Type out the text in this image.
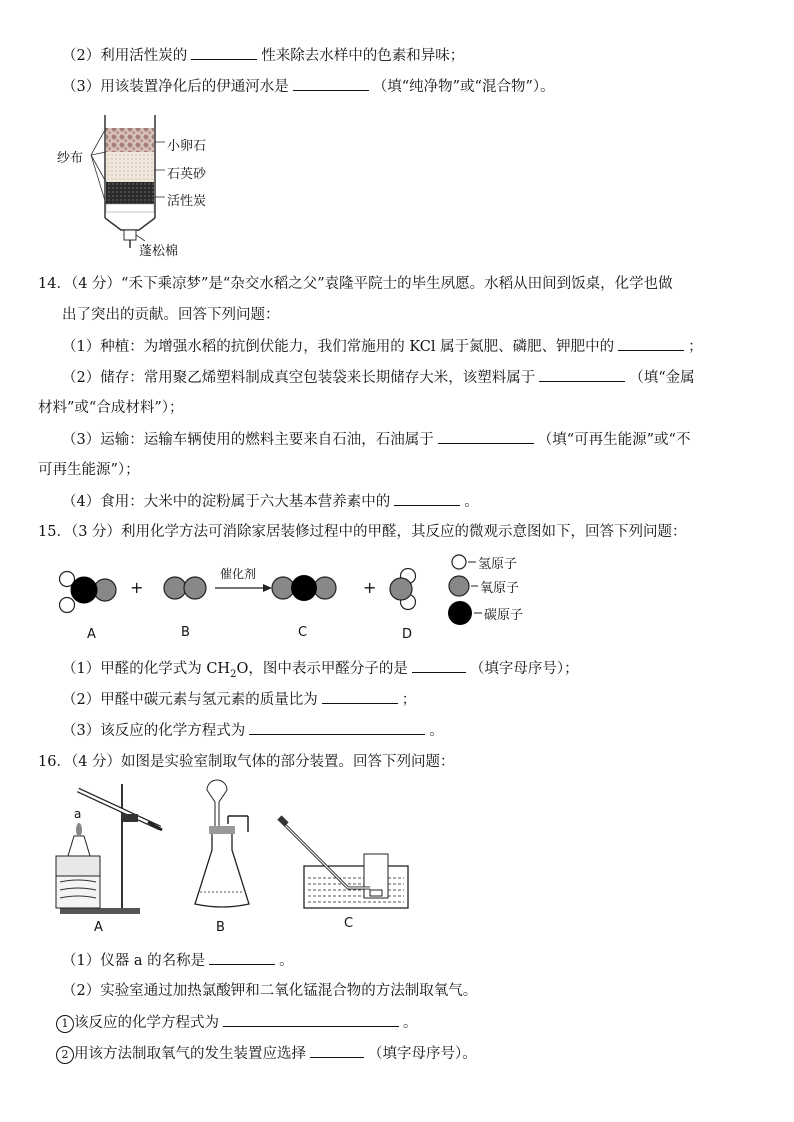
（2）利用活性炭的	性来除去水样中的色素和异味；
（3）用该装置净化后的伊通河水是	（填“纯净物”或“混合物”）。
纱布
小卵石
石英砂
活性炭
蓬松棉
14．（4 分）“禾下乘凉梦”是“杂交水稻之父”袁隆平院士的毕生夙愿。水稻从田间到饭桌，化学也做
出了突出的贡献。回答下列问题：
（1）种植：为增强水稻的抗倒伏能力，我们常施用的 KCl 属于氮肥、磷肥、钾肥中的	；
（2）储存：常用聚乙烯塑料制成真空包装袋来长期储存大米，该塑料属于	（填“金属
材料”或“合成材料”）；
（3）运输：运输车辆使用的燃料主要来自石油，石油属于	（填“可再生能源”或“不
可再生能源”）；
（4）食用：大米中的淀粉属于六大基本营养素中的	。
15．（3 分）利用化学方法可消除家居装修过程中的甲醛，其反应的微观示意图如下，回答下列问题：
+	+
催化剂
A	B	C	D
氢原子
氧原子
碳原子
（1）甲醛的化学式为 $CH_2O$，图中表示甲醛分子的是	（填字母序号）；
（2）甲醛中碳元素与氢元素的质量比为	；
（3）该反应的化学方程式为	。
16．（4 分）如图是实验室制取气体的部分装置。回答下列问题：
a
A	B	C
（1）仪器 a 的名称是	。
（2）实验室通过加热氯酸钾和二氧化锰混合物的方法制取氧气。
1 该反应的化学方程式为	。
2 用该方法制取氧气的发生装置应选择	（填字母序号）。
